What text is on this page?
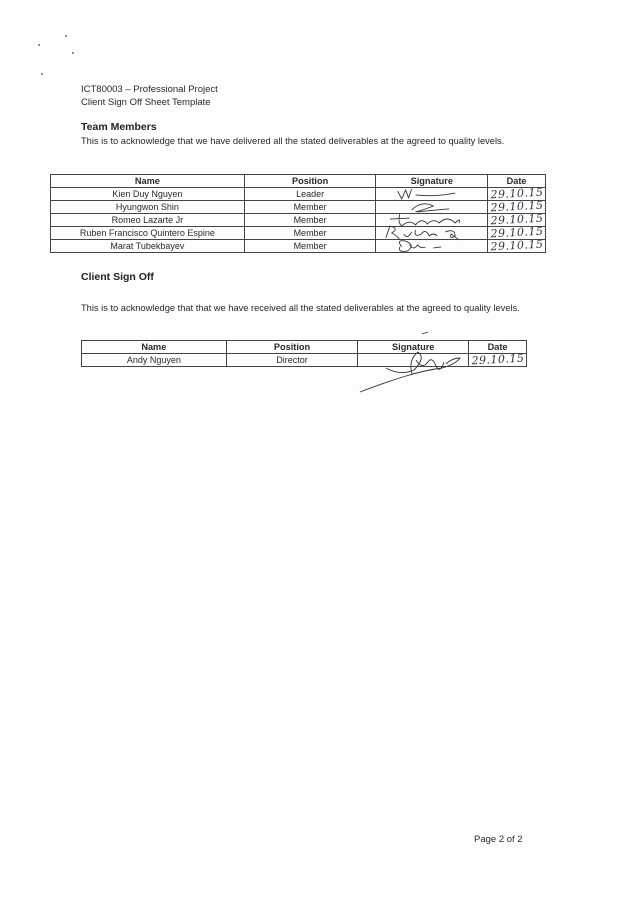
ICT80003 – Professional Project
Client Sign Off Sheet Template
Team Members
This is to acknowledge that we have delivered all the stated deliverables at the agreed to quality levels.
Name	Position	Signature	Date
Kien Duy Nguyen	Leader		29.10.15

Hyungwon Shin	Member		29.10.15

Romeo Lazarte Jr	Member		29.10.15

Ruben Francisco Quintero Espine	Member		29.10.15

Marat Tubekbayev	Member		29.10.15
Client Sign Off
This is to acknowledge that that we have received all the stated deliverables at the agreed to quality levels.
Name	Position	Signature	Date
Andy Nguyen	Director		29.10.15
Page 2 of 2
